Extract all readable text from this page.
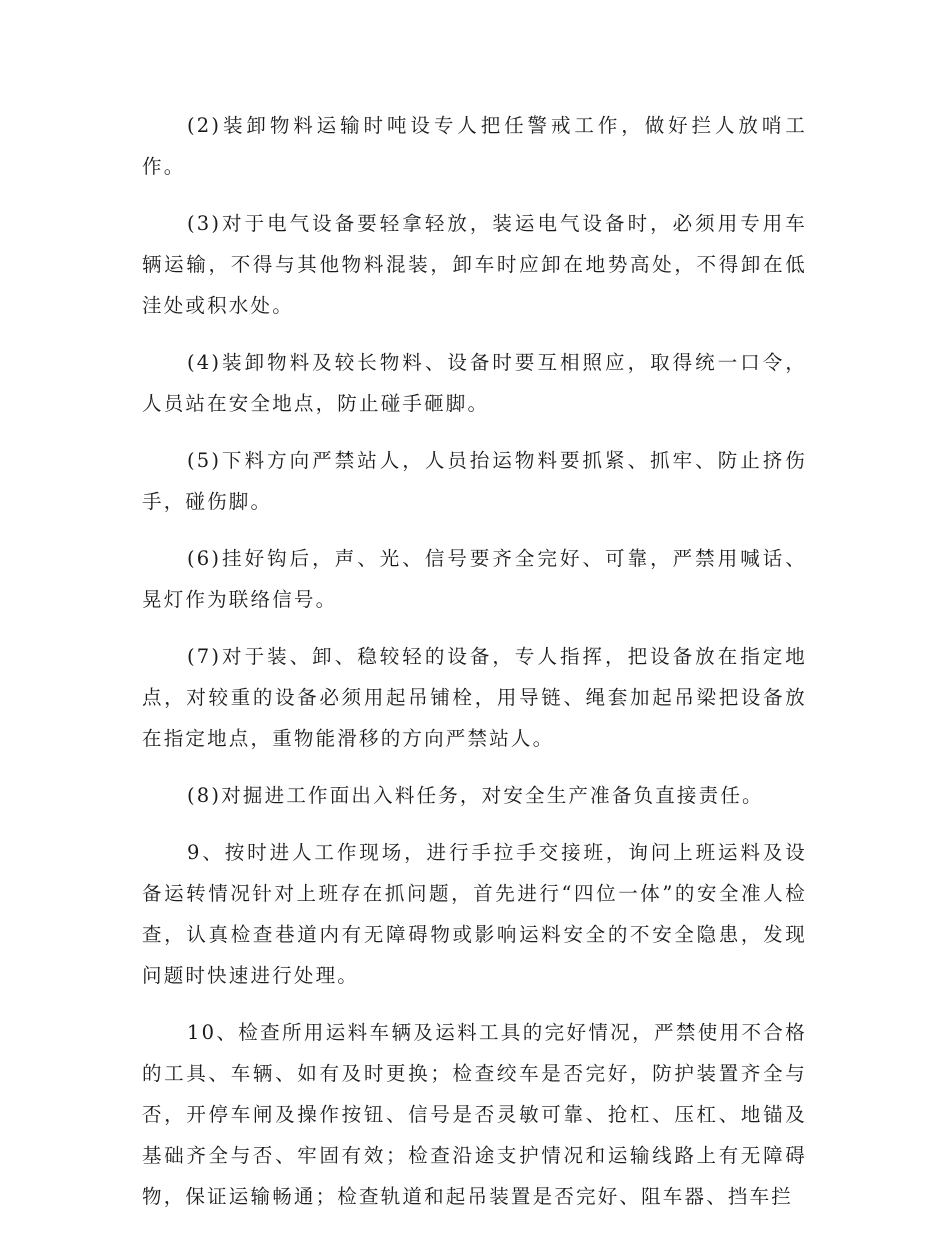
(2)装卸物料运输时吨设专人把任警戒工作，做好拦人放哨工作。

(3)对于电气设备要轻拿轻放，装运电气设备时，必须用专用车辆运输，不得与其他物料混装，卸车时应卸在地势高处，不得卸在低洼处或积水处。

(4)装卸物料及较长物料、设备时要互相照应，取得统一口令，人员站在安全地点，防止碰手砸脚。

(5)下料方向严禁站人，人员抬运物料要抓紧、抓牢、防止挤伤手，碰伤脚。

(6)挂好钩后，声、光、信号要齐全完好、可靠，严禁用喊话、晃灯作为联络信号。

(7)对于装、卸、稳较轻的设备，专人指挥，把设备放在指定地点，对较重的设备必须用起吊铺栓，用导链、绳套加起吊梁把设备放在指定地点，重物能滑移的方向严禁站人。

(8)对掘进工作面出入料任务，对安全生产准备负直接责任。

9、按时进人工作现场，进行手拉手交接班，询问上班运料及设备运转情况针对上班存在抓问题，首先进行“四位一体”的安全准人检查，认真检查巷道内有无障碍物或影响运料安全的不安全隐患，发现问题时快速进行处理。

10、检查所用运料车辆及运料工具的完好情况，严禁使用不合格的工具、车辆、如有及时更换；检查绞车是否完好，防护装置齐全与否，开停车闸及操作按钮、信号是否灵敏可靠、抢杠、压杠、地锚及基础齐全与否、牢固有效；检查沿途支护情况和运输线路上有无障碍物，保证运输畅通；检查轨道和起吊装置是否完好、阻车器、挡车拦
